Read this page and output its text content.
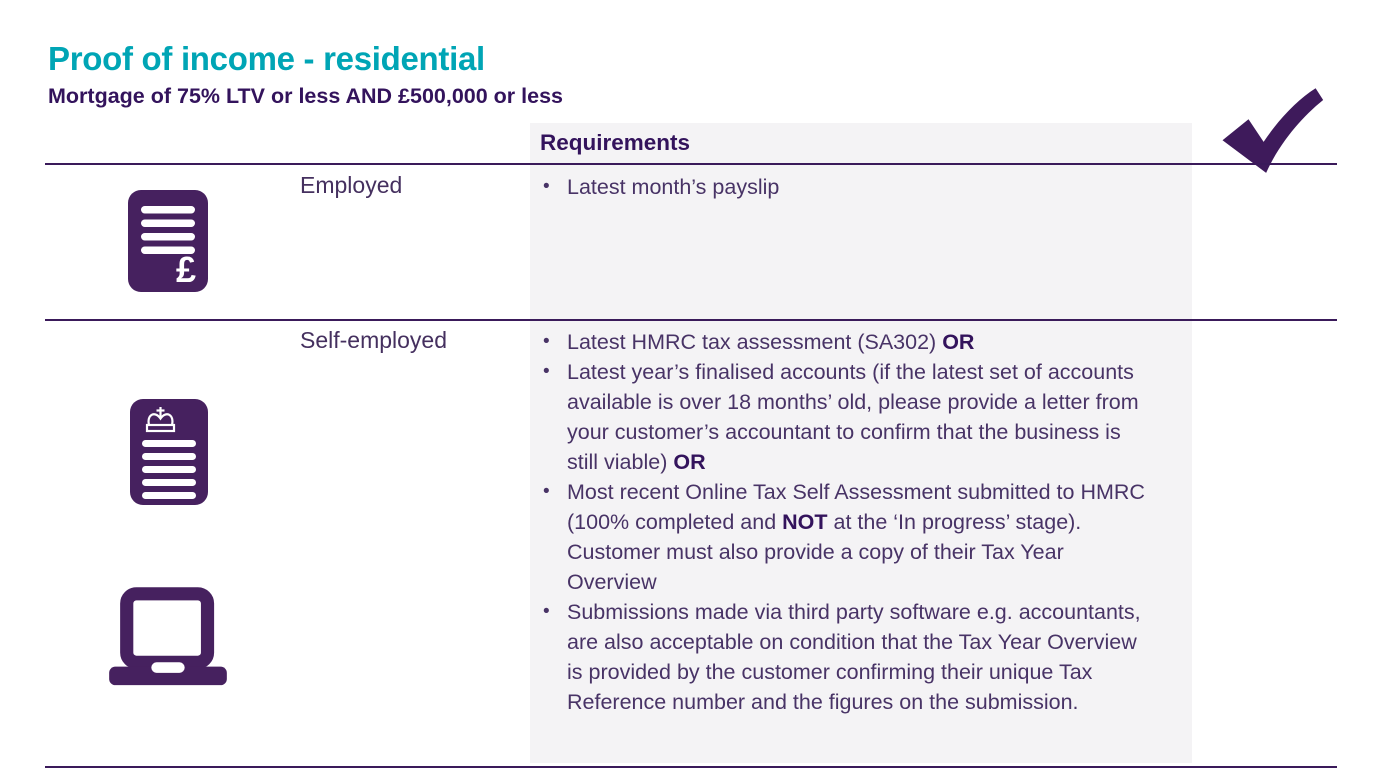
Proof of income - residential
Mortgage of 75% LTV or less AND £500,000 or less
Requirements
£
Employed	• Latest month’s payslip
Self-employed	• Latest HMRC tax assessment (SA302) OR
• Latest year’s finalised accounts (if the latest set of accounts available is over 18 months’ old, please provide a letter from your customer’s accountant to confirm that the business is still viable) OR
• Most recent Online Tax Self Assessment submitted to HMRC (100% completed and NOT at the ‘In progress’ stage). Customer must also provide a copy of their Tax Year Overview
• Submissions made via third party software e.g. accountants, are also acceptable on condition that the Tax Year Overview is provided by the customer confirming their unique Tax Reference number and the figures on the submission.
